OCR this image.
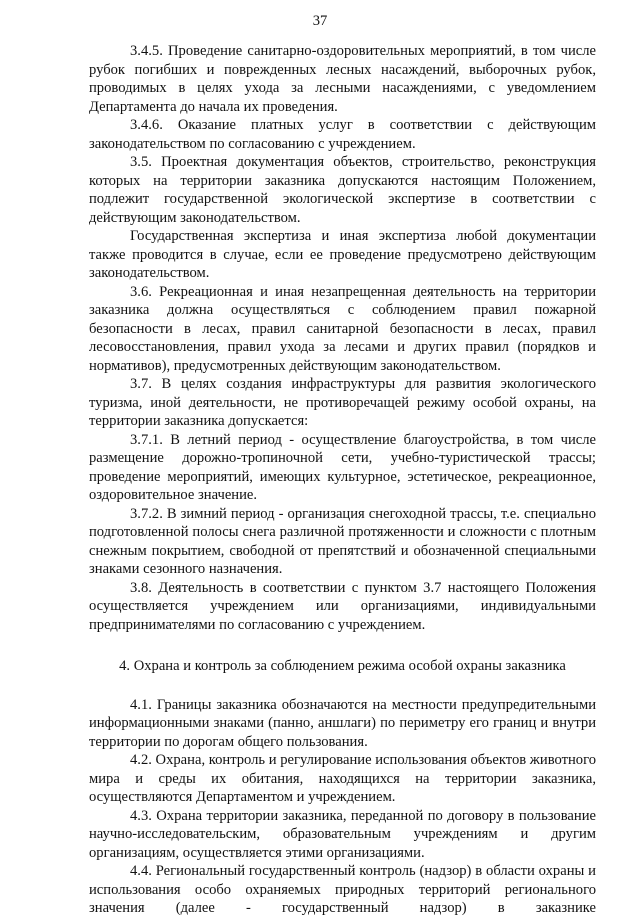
37

3.4.5. Проведение санитарно-оздоровительных мероприятий, в том числе рубок погибших и поврежденных лесных насаждений, выборочных рубок, проводимых в целях ухода за лесными насаждениями, с уведомлением Департамента до начала их проведения.

3.4.6. Оказание платных услуг в соответствии с действующим законодательством по согласованию с учреждением.

3.5. Проектная документация объектов, строительство, реконструкция которых на территории заказника допускаются настоящим Положением, подлежит государственной экологической экспертизе в соответствии с действующим законодательством.

Государственная экспертиза и иная экспертиза любой документации также проводится в случае, если ее проведение предусмотрено действующим законодательством.

3.6. Рекреационная и иная незапрещенная деятельность на территории заказника должна осуществляться с соблюдением правил пожарной безопасности в лесах, правил санитарной безопасности в лесах, правил лесовосстановления, правил ухода за лесами и других правил (порядков и нормативов), предусмотренных действующим законодательством.

3.7. В целях создания инфраструктуры для развития экологического туризма, иной деятельности, не противоречащей режиму особой охраны, на территории заказника допускается:

3.7.1. В летний период - осуществление благоустройства, в том числе размещение дорожно-тропиночной сети, учебно-туристической трассы; проведение мероприятий, имеющих культурное, эстетическое, рекреационное, оздоровительное значение.

3.7.2. В зимний период - организация снегоходной трассы, т.е. специально подготовленной полосы снега различной протяженности и сложности с плотным снежным покрытием, свободной от препятствий и обозначенной специальными знаками сезонного назначения.

3.8. Деятельность в соответствии с пунктом 3.7 настоящего Положения осуществляется учреждением или организациями, индивидуальными предпринимателями по согласованию с учреждением.

4. Охрана и контроль за соблюдением режима особой охраны заказника

4.1. Границы заказника обозначаются на местности предупредительными информационными знаками (панно, аншлаги) по периметру его границ и внутри территории по дорогам общего пользования.

4.2. Охрана, контроль и регулирование использования объектов животного мира и среды их обитания, находящихся на территории заказника, осуществляются Департаментом и учреждением.

4.3. Охрана территории заказника, переданной по договору в пользование научно-исследовательским, образовательным учреждениям и другим организациям, осуществляется этими организациями.

4.4. Региональный государственный контроль (надзор) в области охраны и использования особо охраняемых природных территорий регионального значения (далее - государственный надзор) в заказнике
